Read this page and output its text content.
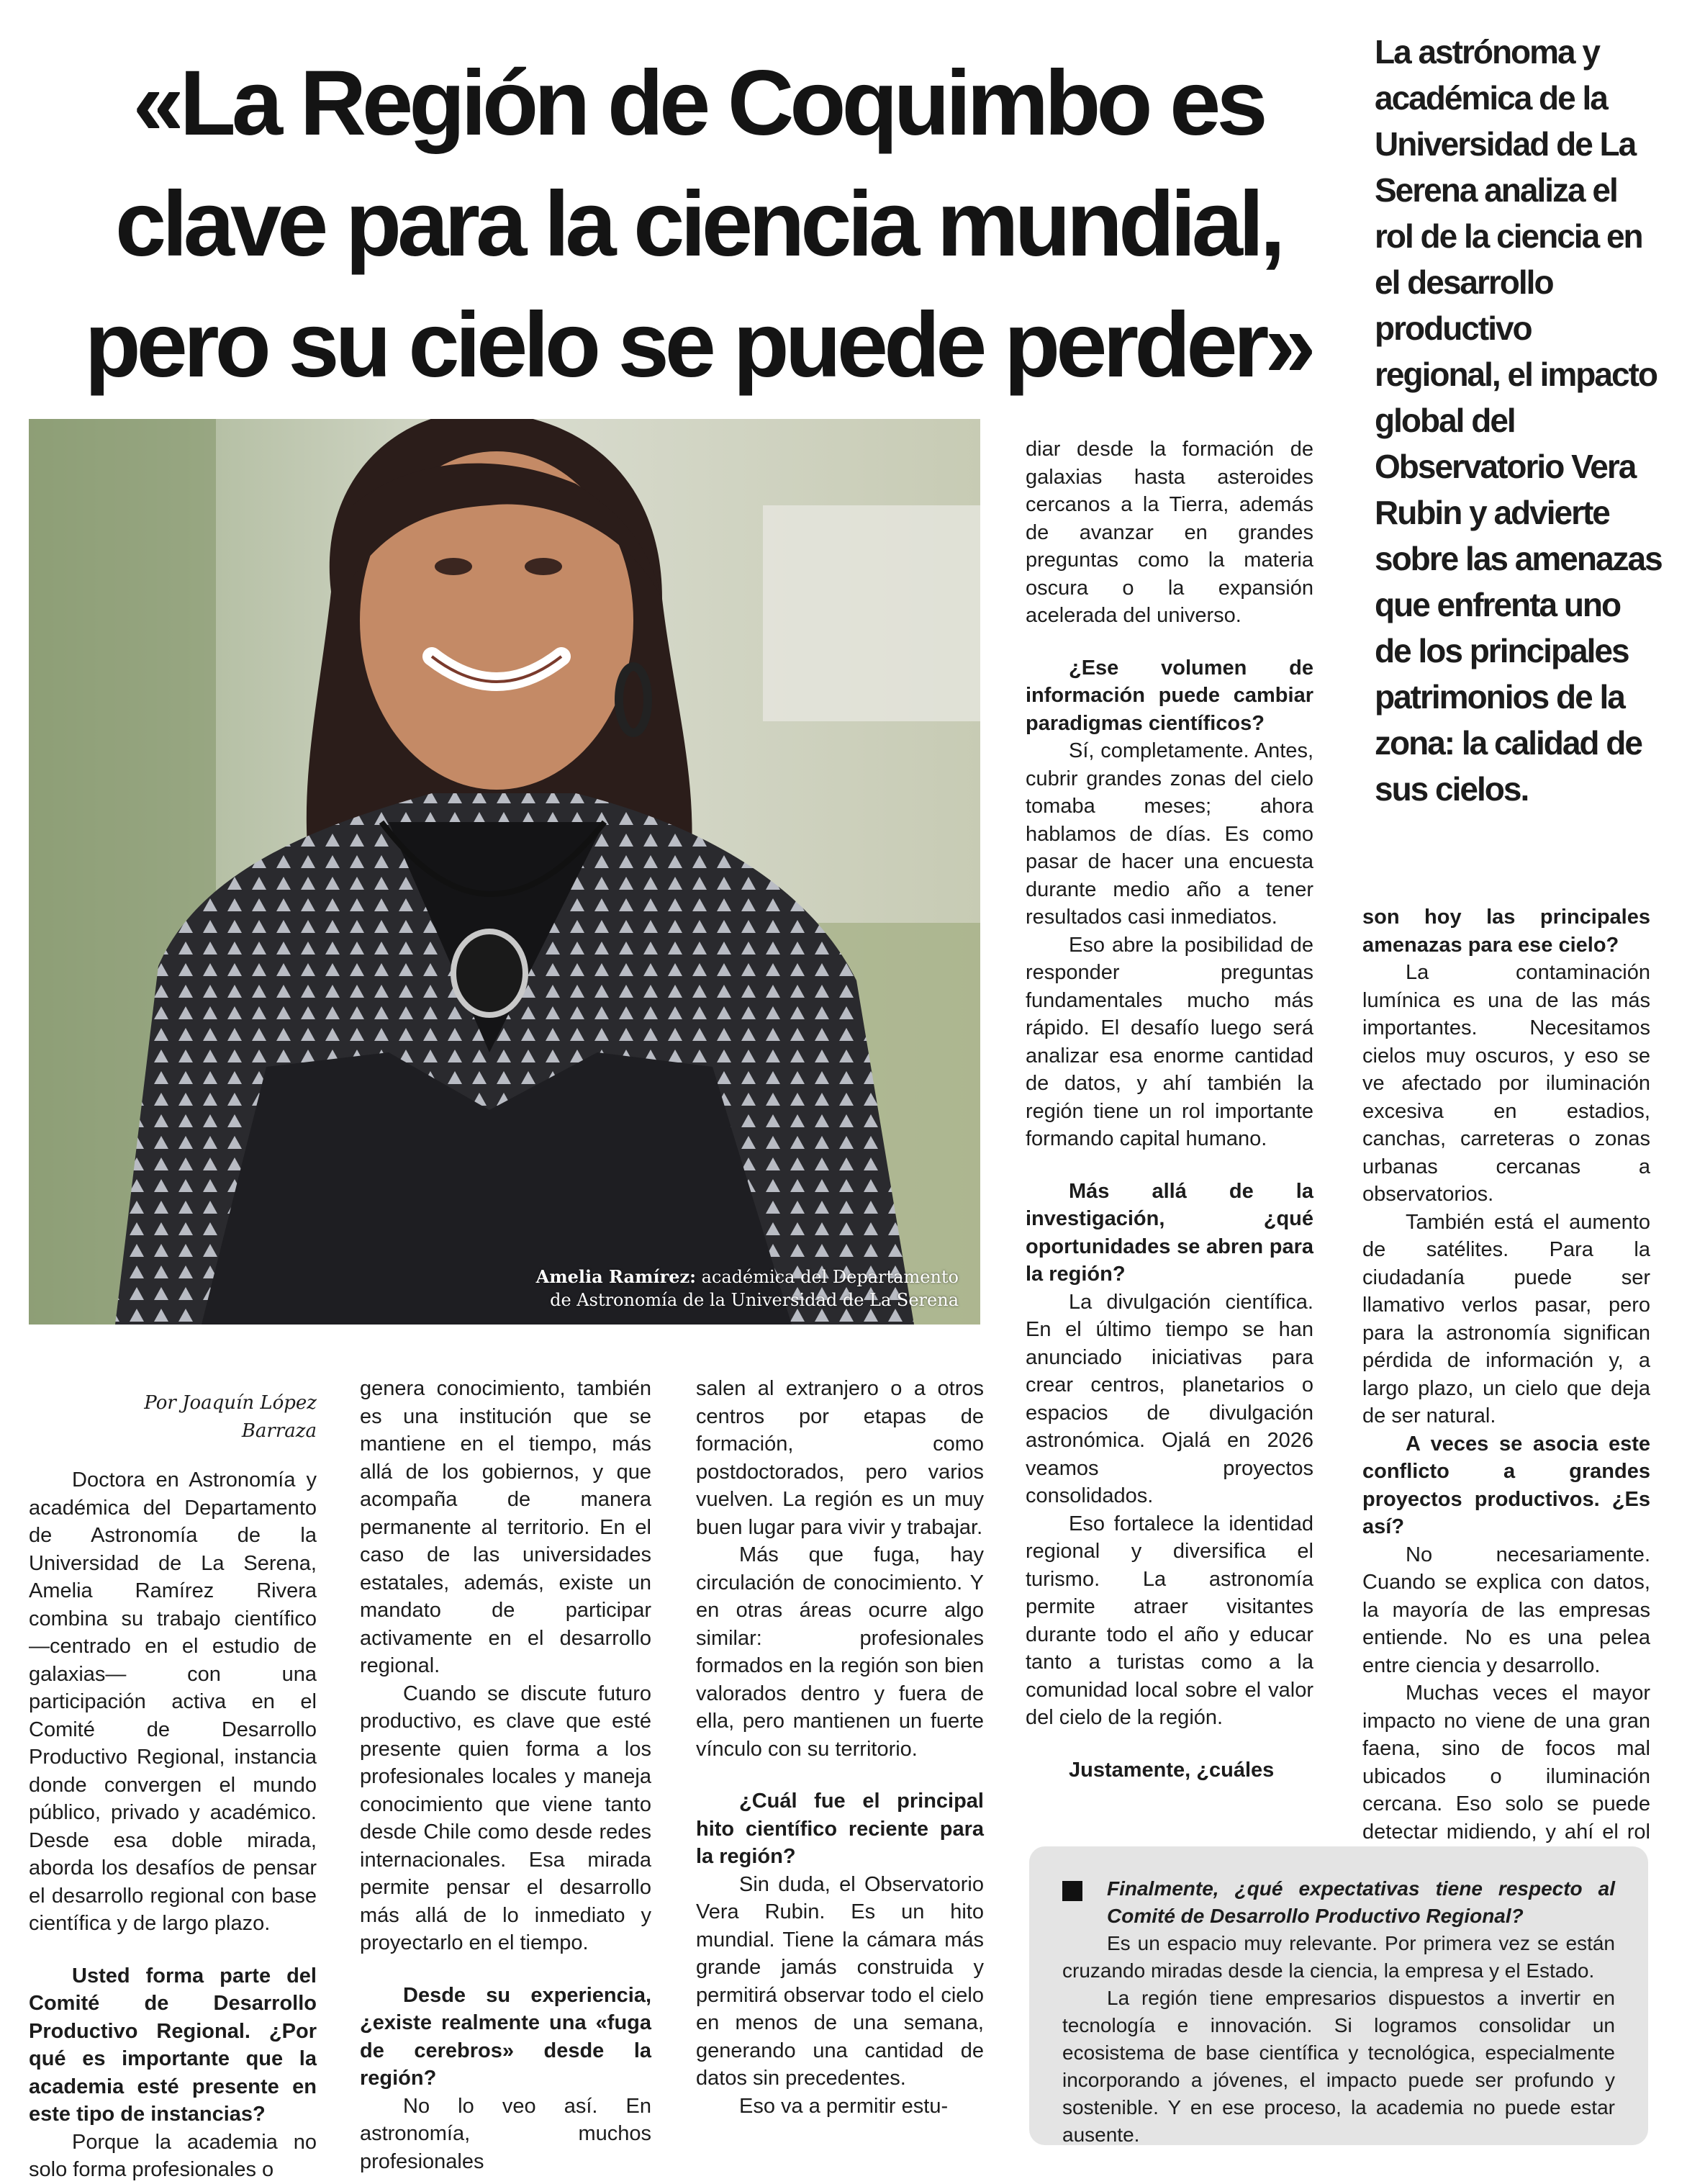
«La Región de Coquimbo es
clave para la ciencia mundial,
pero su cielo se puede perder»

La astrónoma y académica de la Universidad de La Serena analiza el rol de la ciencia en el desarrollo productivo regional, el impacto global del Observatorio Vera Rubin y advierte sobre las amenazas que enfrenta uno de los principales patrimonios de la zona: la calidad de sus cielos.

Amelia Ramírez: académica del Departamento
de Astronomía de la Universidad de La Serena

Por Joaquín López Barraza

Doctora en Astronomía y académica del Departamento de Astronomía de la Universidad de La Serena, Amelia Ramírez Rivera combina su trabajo científico —centrado en el estudio de galaxias— con una participación activa en el Comité de Desarrollo Productivo Regional, instancia donde convergen el mundo público, privado y académico. Desde esa doble mirada, aborda los desafíos de pensar el desarrollo regional con base científica y de largo plazo.

Usted forma parte del Comité de Desarrollo Productivo Regional. ¿Por qué es importante que la academia esté presente en este tipo de instancias?

Porque la academia no solo forma profesionales o

genera conocimiento, también es una institución que se mantiene en el tiempo, más allá de los gobiernos, y que acompaña de manera permanente al territorio. En el caso de las universidades estatales, además, existe un mandato de participar activamente en el desarrollo regional.

Cuando se discute futuro productivo, es clave que esté presente quien forma a los profesionales locales y maneja conocimiento que viene tanto desde Chile como desde redes internacionales. Esa mirada permite pensar el desarrollo más allá de lo inmediato y proyectarlo en el tiempo.

Desde su experiencia, ¿existe realmente una «fuga de cerebros» desde la región?

No lo veo así. En astronomía, muchos profesionales

salen al extranjero o a otros centros por etapas de formación, como postdoctorados, pero varios vuelven. La región es un muy buen lugar para vivir y trabajar.

Más que fuga, hay circulación de conocimiento. Y en otras áreas ocurre algo similar: profesionales formados en la región son bien valorados dentro y fuera de ella, pero mantienen un fuerte vínculo con su territorio.

¿Cuál fue el principal hito científico reciente para la región?

Sin duda, el Observatorio Vera Rubin. Es un hito mundial. Tiene la cámara más grande jamás construida y permitirá observar todo el cielo en menos de una semana, generando una cantidad de datos sin precedentes.

Eso va a permitir estu-

diar desde la formación de galaxias hasta asteroides cercanos a la Tierra, además de avanzar en grandes preguntas como la materia oscura o la expansión acelerada del universo.

¿Ese volumen de información puede cambiar paradigmas científicos?

Sí, completamente. Antes, cubrir grandes zonas del cielo tomaba meses; ahora hablamos de días. Es como pasar de hacer una encuesta durante medio año a tener resultados casi inmediatos.

Eso abre la posibilidad de responder preguntas fundamentales mucho más rápido. El desafío luego será analizar esa enorme cantidad de datos, y ahí también la región tiene un rol importante formando capital humano.

Más allá de la investigación, ¿qué oportunidades se abren para la región?

La divulgación científica. En el último tiempo se han anunciado iniciativas para crear centros, planetarios o espacios de divulgación astronómica. Ojalá en 2026 veamos proyectos consolidados.

Eso fortalece la identidad regional y diversifica el turismo. La astronomía permite atraer visitantes durante todo el año y educar tanto a turistas como a la comunidad local sobre el valor del cielo de la región.

Justamente, ¿cuáles

son hoy las principales amenazas para ese cielo?

La contaminación lumínica es una de las más importantes. Necesitamos cielos muy oscuros, y eso se ve afectado por iluminación excesiva en estadios, canchas, carreteras o zonas urbanas cercanas a observatorios.

También está el aumento de satélites. Para la ciudadanía puede ser llamativo verlos pasar, pero para la astronomía significan pérdida de información y, a largo plazo, un cielo que deja de ser natural.

A veces se asocia este conflicto a grandes proyectos productivos. ¿Es así?

No necesariamente. Cuando se explica con datos, la mayoría de las empresas entiende. No es una pelea entre ciencia y desarrollo.

Muchas veces el mayor impacto no viene de una gran faena, sino de focos mal ubicados o iluminación cercana. Eso solo se puede detectar midiendo, y ahí el rol

Finalmente, ¿qué expectativas tiene respecto al Comité de Desarrollo Productivo Regional?

Es un espacio muy relevante. Por primera vez se están cruzando miradas desde la ciencia, la empresa y el Estado.

La región tiene empresarios dispuestos a invertir en tecnología e innovación. Si logramos consolidar un ecosistema de base científica y tecnológica, especialmente incorporando a jóvenes, el impacto puede ser profundo y sostenible. Y en ese proceso, la academia no puede estar ausente.
